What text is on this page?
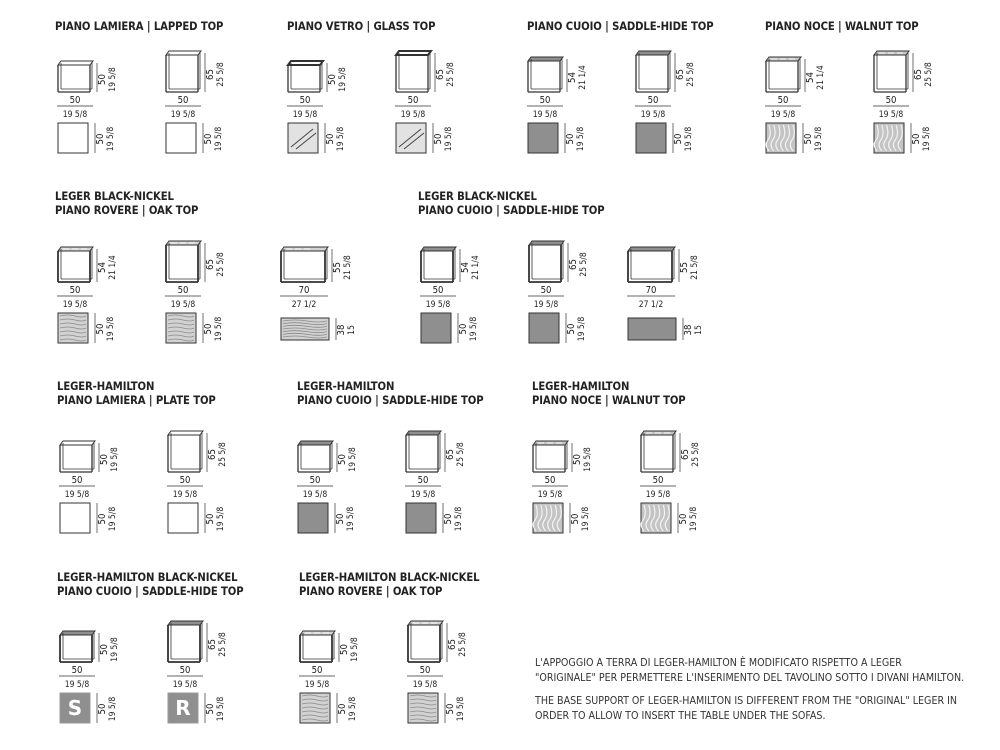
L'APPOGGIO A TERRA DI LEGER-HAMILTON È MODIFICATO RISPETTO A LEGER "ORIGINALE" PER PERMETTERE L'INSERIMENTO DEL TAVOLINO SOTTO I DIVANI HAMILTON.

THE BASE SUPPORT OF LEGER-HAMILTON IS DIFFERENT FROM THE "ORIGINAL" LEGER IN ORDER TO ALLOW TO INSERT THE TABLE UNDER THE SOFAS.

PIANO LAMIERA | LAPPED TOP
50 19 5/8
50
19 5/8
50 19 5/8
65 25 5/8
50
19 5/8
50 19 5/8
PIANO VETRO | GLASS TOP
50 19 5/8
50
19 5/8
50 19 5/8
65 25 5/8
50
19 5/8
50 19 5/8
PIANO CUOIO | SADDLE-HIDE TOP
54 21 1/4
50
19 5/8
50 19 5/8
65 25 5/8
50
19 5/8
50 19 5/8
PIANO NOCE | WALNUT TOP
54 21 1/4
50
19 5/8
50 19 5/8
65 25 5/8
50
19 5/8
50 19 5/8
LEGER BLACK-NICKEL
PIANO ROVERE | OAK TOP
54 21 1/4
50
19 5/8
50 19 5/8
65 25 5/8
50
19 5/8
50 19 5/8
55 21 5/8
70
27 1/2
38 15
LEGER BLACK-NICKEL
PIANO CUOIO | SADDLE-HIDE TOP
54 21 1/4
50
19 5/8
50 19 5/8
65 25 5/8
50
19 5/8
50 19 5/8
55 21 5/8
70
27 1/2
38 15
LEGER-HAMILTON
PIANO LAMIERA | PLATE TOP
50 19 5/8
50
19 5/8
50 19 5/8
65 25 5/8
50
19 5/8
50 19 5/8
LEGER-HAMILTON
PIANO CUOIO | SADDLE-HIDE TOP
50 19 5/8
50
19 5/8
50 19 5/8
65 25 5/8
50
19 5/8
50 19 5/8
LEGER-HAMILTON
PIANO NOCE | WALNUT TOP
50 19 5/8
50
19 5/8
50 19 5/8
65 25 5/8
50
19 5/8
50 19 5/8
LEGER-HAMILTON BLACK-NICKEL
PIANO CUOIO | SADDLE-HIDE TOP
50 19 5/8
50
19 5/8
S 50 19 5/8
65 25 5/8
50
19 5/8
R 50 19 5/8
LEGER-HAMILTON BLACK-NICKEL
PIANO ROVERE | OAK TOP
50 19 5/8
50
19 5/8
50 19 5/8
65 25 5/8
50
19 5/8
50 19 5/8
